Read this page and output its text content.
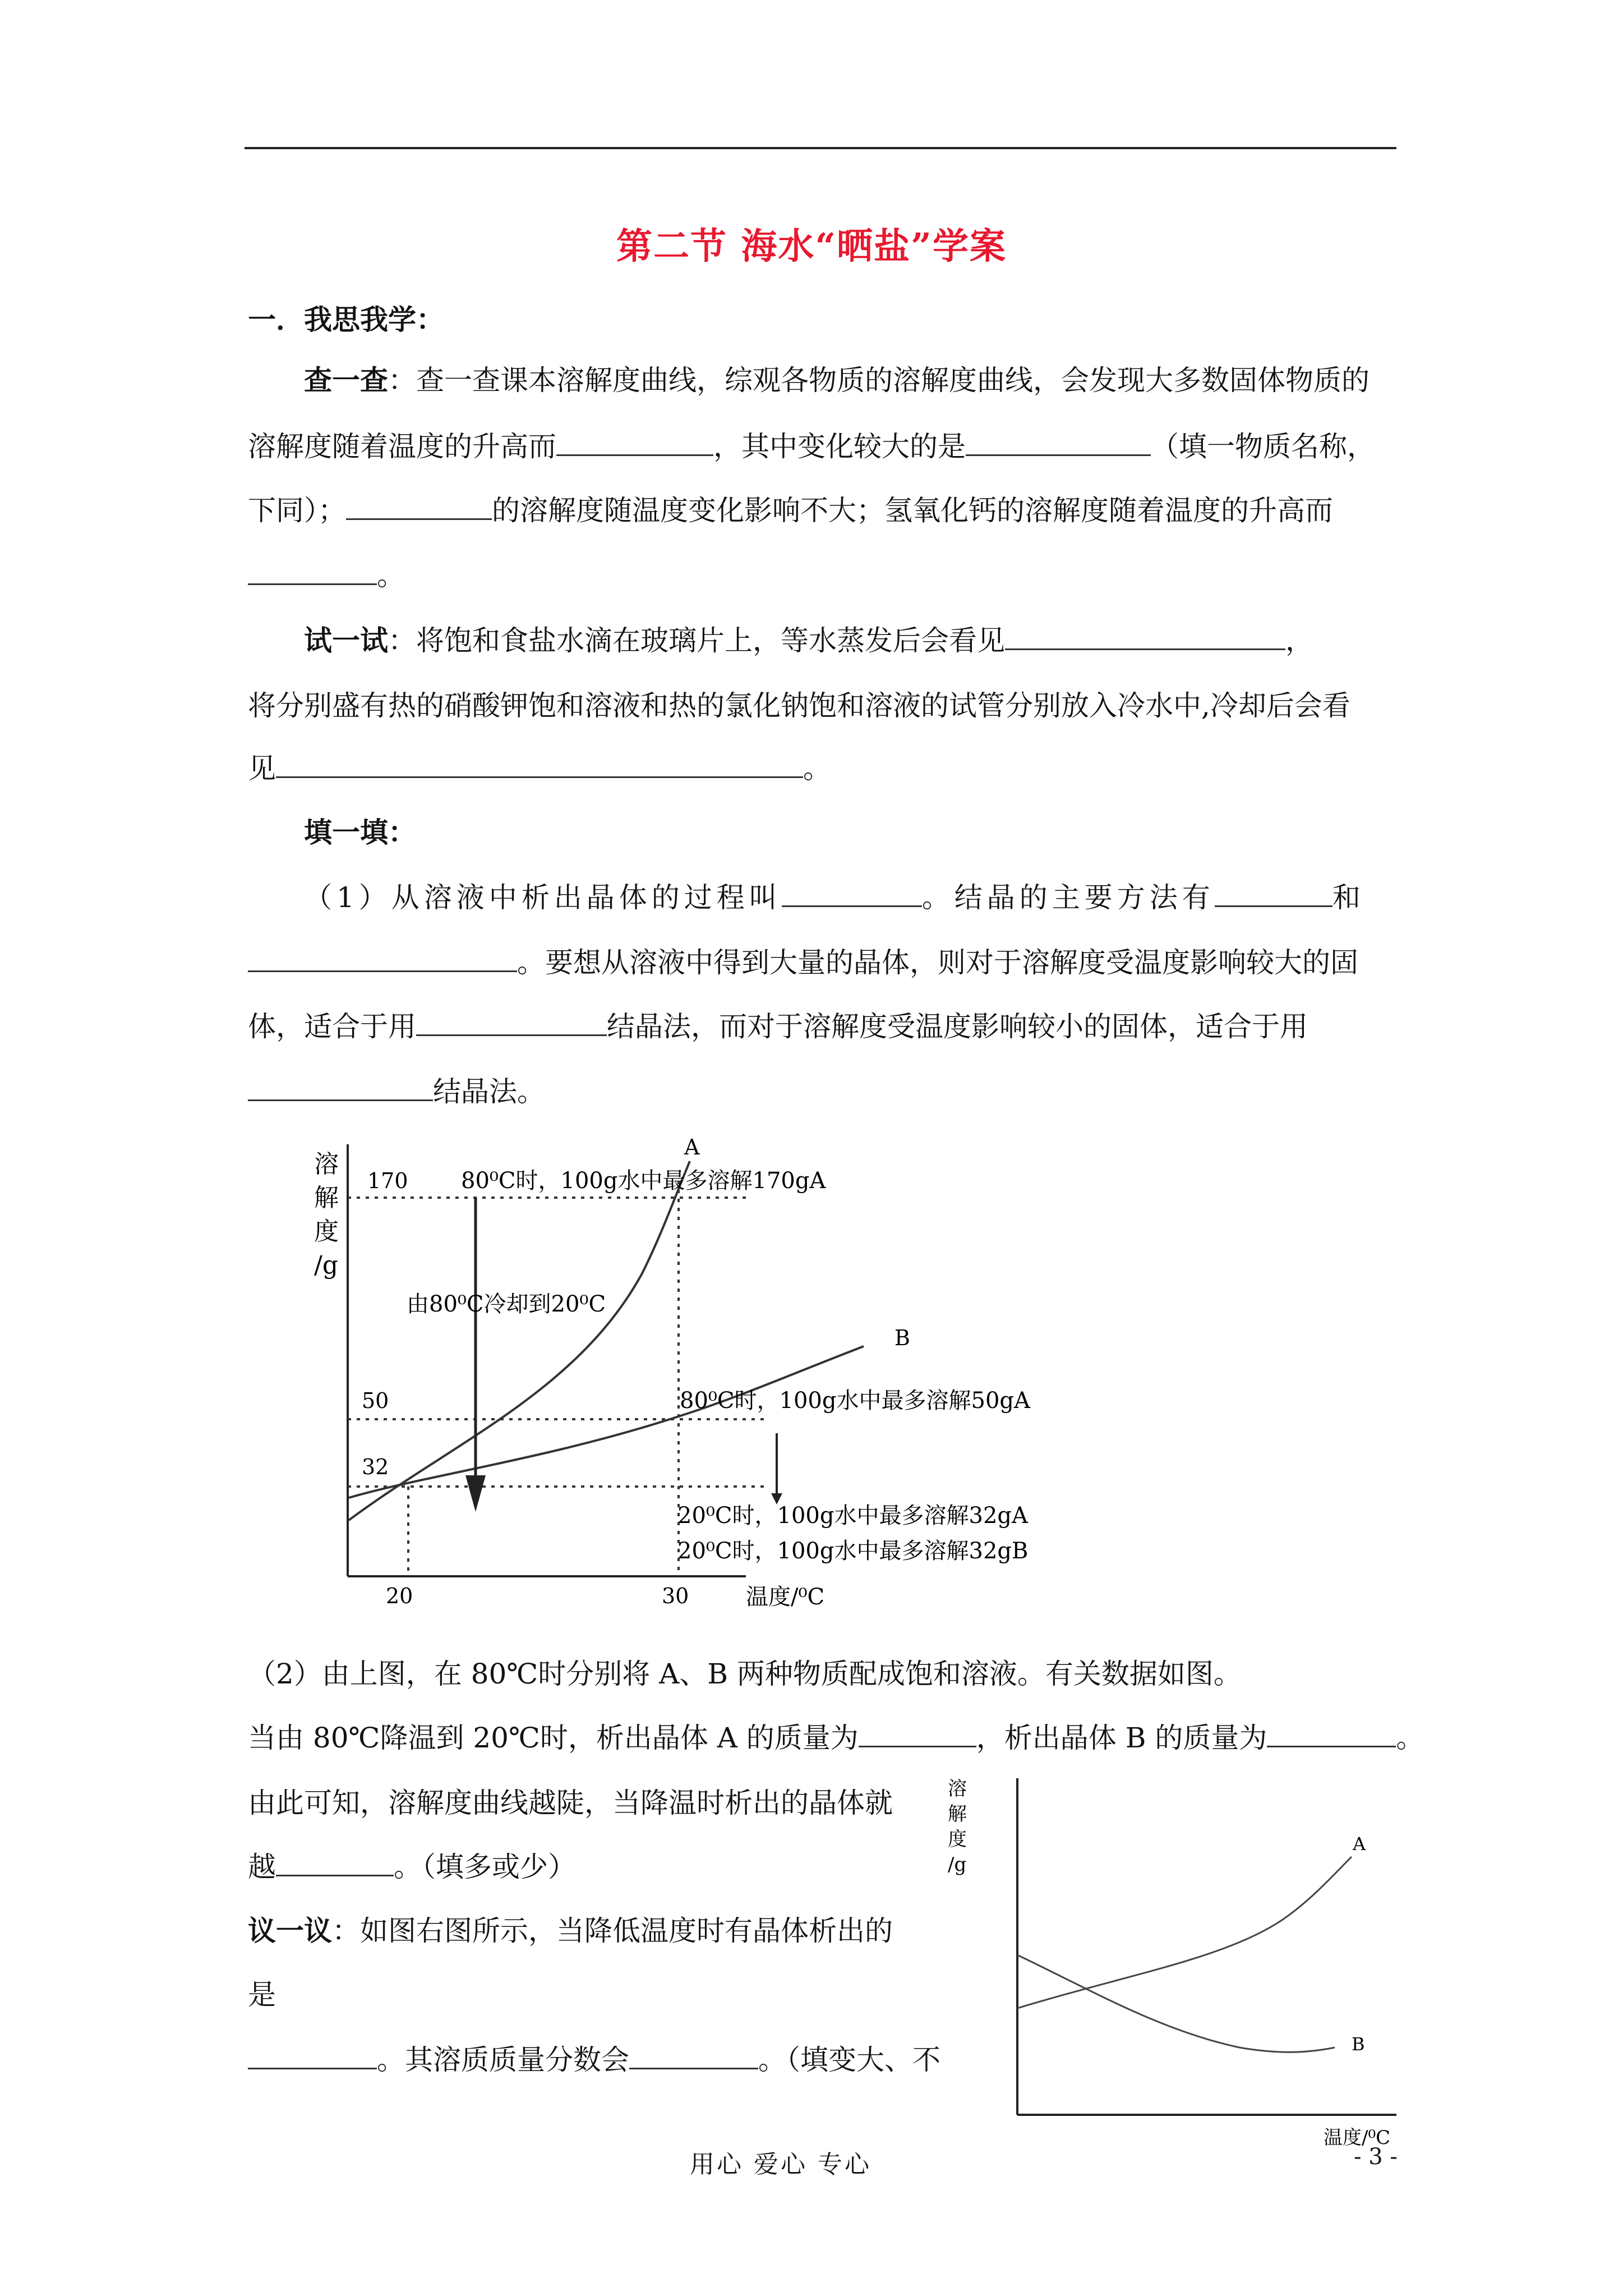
第二节 海水“晒盐”学案
一．我思我学：
查一查：查一查课本溶解度曲线，综观各物质的溶解度曲线，会发现大多数固体物质的
溶解度随着温度的升高而	，其中变化较大的是	（填一物质名称，
下同）；	的溶解度随温度变化影响不大；氢氧化钙的溶解度随着温度的升高而
。
试一试：将饱和食盐水滴在玻璃片上，等水蒸发后会看见	，
将分别盛有热的硝酸钾饱和溶液和热的氯化钠饱和溶液的试管分别放入冷水中,冷却后会看
见	。
填一填：
（1）从溶液中析出晶体的过程叫	。结晶的主要方法有	和
。要想从溶液中得到大量的晶体，则对于溶解度受温度影响较大的固
体，适合于用	结晶法，而对于溶解度受温度影响较小的固体，适合于用
结晶法。
溶
解
度
/g
170
50
32
20	30	温度/⁰C
A
B
80⁰C时，100g水中最多溶解170gA
由80⁰C冷却到20⁰C
80⁰C时，100g水中最多溶解50gA
20⁰C时，100g水中最多溶解32gA
20⁰C时，100g水中最多溶解32gB
（2）由上图，在 80℃时分别将 A、B 两种物质配成饱和溶液。有关数据如图。
当由 80℃降温到 20℃时，析出晶体 A 的质量为	，析出晶体 B 的质量为	。
由此可知，溶解度曲线越陡，当降温时析出的晶体就
越	。（填多或少）
议一议：如图右图所示，当降低温度时有晶体析出的
是
。其溶质质量分数会	。（填变大、不
溶
解
度
/g
A
B
温度/⁰C
用心 爱心 专心	- 3 -
